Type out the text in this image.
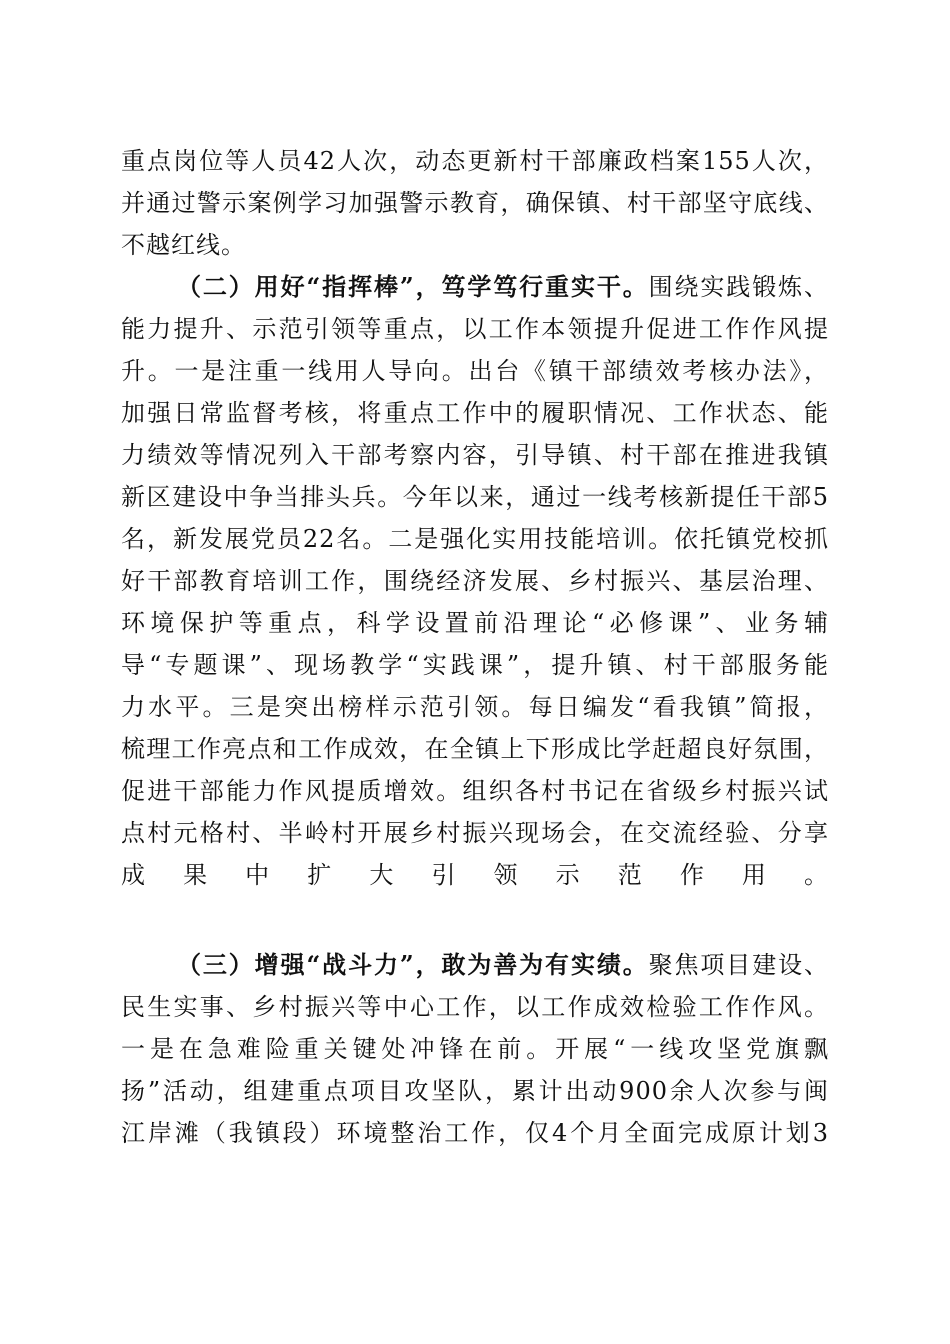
重点岗位等人员42人次，动态更新村干部廉政档案155人次，
并通过警示案例学习加强警示教育，确保镇、村干部坚守底线、
不越红线。
（二）用好“指挥棒”，笃学笃行重实干。围绕实践锻炼、
能力提升、示范引领等重点，以工作本领提升促进工作作风提
升。一是注重一线用人导向。出台《镇干部绩效考核办法》，
加强日常监督考核，将重点工作中的履职情况、工作状态、能
力绩效等情况列入干部考察内容，引导镇、村干部在推进我镇
新区建设中争当排头兵。今年以来，通过一线考核新提任干部5
名，新发展党员22名。二是强化实用技能培训。依托镇党校抓
好干部教育培训工作，围绕经济发展、乡村振兴、基层治理、
环境保护等重点，科学设置前沿理论“必修课”、业务辅
导“专题课”、现场教学“实践课”，提升镇、村干部服务能
力水平。三是突出榜样示范引领。每日编发“看我镇”简报，
梳理工作亮点和工作成效，在全镇上下形成比学赶超良好氛围，
促进干部能力作风提质增效。组织各村书记在省级乡村振兴试
点村元格村、半岭村开展乡村振兴现场会，在交流经验、分享
成果中扩大引领示范作用。
（三）增强“战斗力”，敢为善为有实绩。聚焦项目建设、
民生实事、乡村振兴等中心工作，以工作成效检验工作作风。
一是在急难险重关键处冲锋在前。开展“一线攻坚党旗飘
扬”活动，组建重点项目攻坚队，累计出动900余人次参与闽
江岸滩（我镇段）环境整治工作，仅4个月全面完成原计划3
